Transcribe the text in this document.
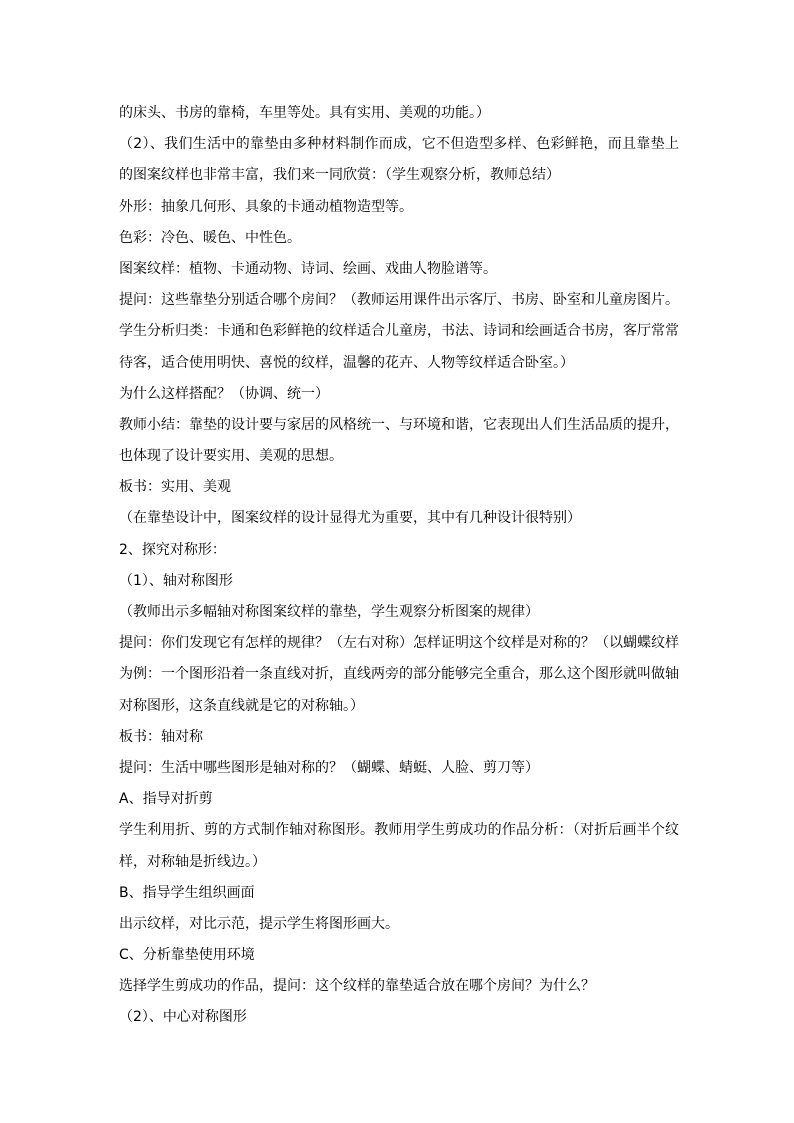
的床头、书房的靠椅，车里等处。具有实用、美观的功能。）
（2）、我们生活中的靠垫由多种材料制作而成，它不但造型多样、色彩鲜艳，而且靠垫上
的图案纹样也非常丰富，我们来一同欣赏：（学生观察分析，教师总结）
外形：抽象几何形、具象的卡通动植物造型等。
色彩：冷色、暖色、中性色。
图案纹样：植物、卡通动物、诗词、绘画、戏曲人物脸谱等。
提问：这些靠垫分别适合哪个房间？（教师运用课件出示客厅、书房、卧室和儿童房图片。
学生分析归类：卡通和色彩鲜艳的纹样适合儿童房，书法、诗词和绘画适合书房，客厅常常
待客，适合使用明快、喜悦的纹样，温馨的花卉、人物等纹样适合卧室。）
为什么这样搭配？（协调、统一）
教师小结：靠垫的设计要与家居的风格统一、与环境和谐，它表现出人们生活品质的提升，
也体现了设计要实用、美观的思想。
板书：实用、美观
（在靠垫设计中，图案纹样的设计显得尤为重要，其中有几种设计很特别）
2、探究对称形：
（1）、轴对称图形
（教师出示多幅轴对称图案纹样的靠垫，学生观察分析图案的规律）
提问：你们发现它有怎样的规律？（左右对称）怎样证明这个纹样是对称的？（以蝴蝶纹样
为例：一个图形沿着一条直线对折，直线两旁的部分能够完全重合，那么这个图形就叫做轴
对称图形，这条直线就是它的对称轴。）
板书：轴对称
提问：生活中哪些图形是轴对称的？（蝴蝶、蜻蜓、人脸、剪刀等）
A、指导对折剪
学生利用折、剪的方式制作轴对称图形。教师用学生剪成功的作品分析：（对折后画半个纹
样，对称轴是折线边。）
B、指导学生组织画面
出示纹样，对比示范，提示学生将图形画大。
C、分析靠垫使用环境
选择学生剪成功的作品，提问：这个纹样的靠垫适合放在哪个房间？为什么？
（2）、中心对称图形
